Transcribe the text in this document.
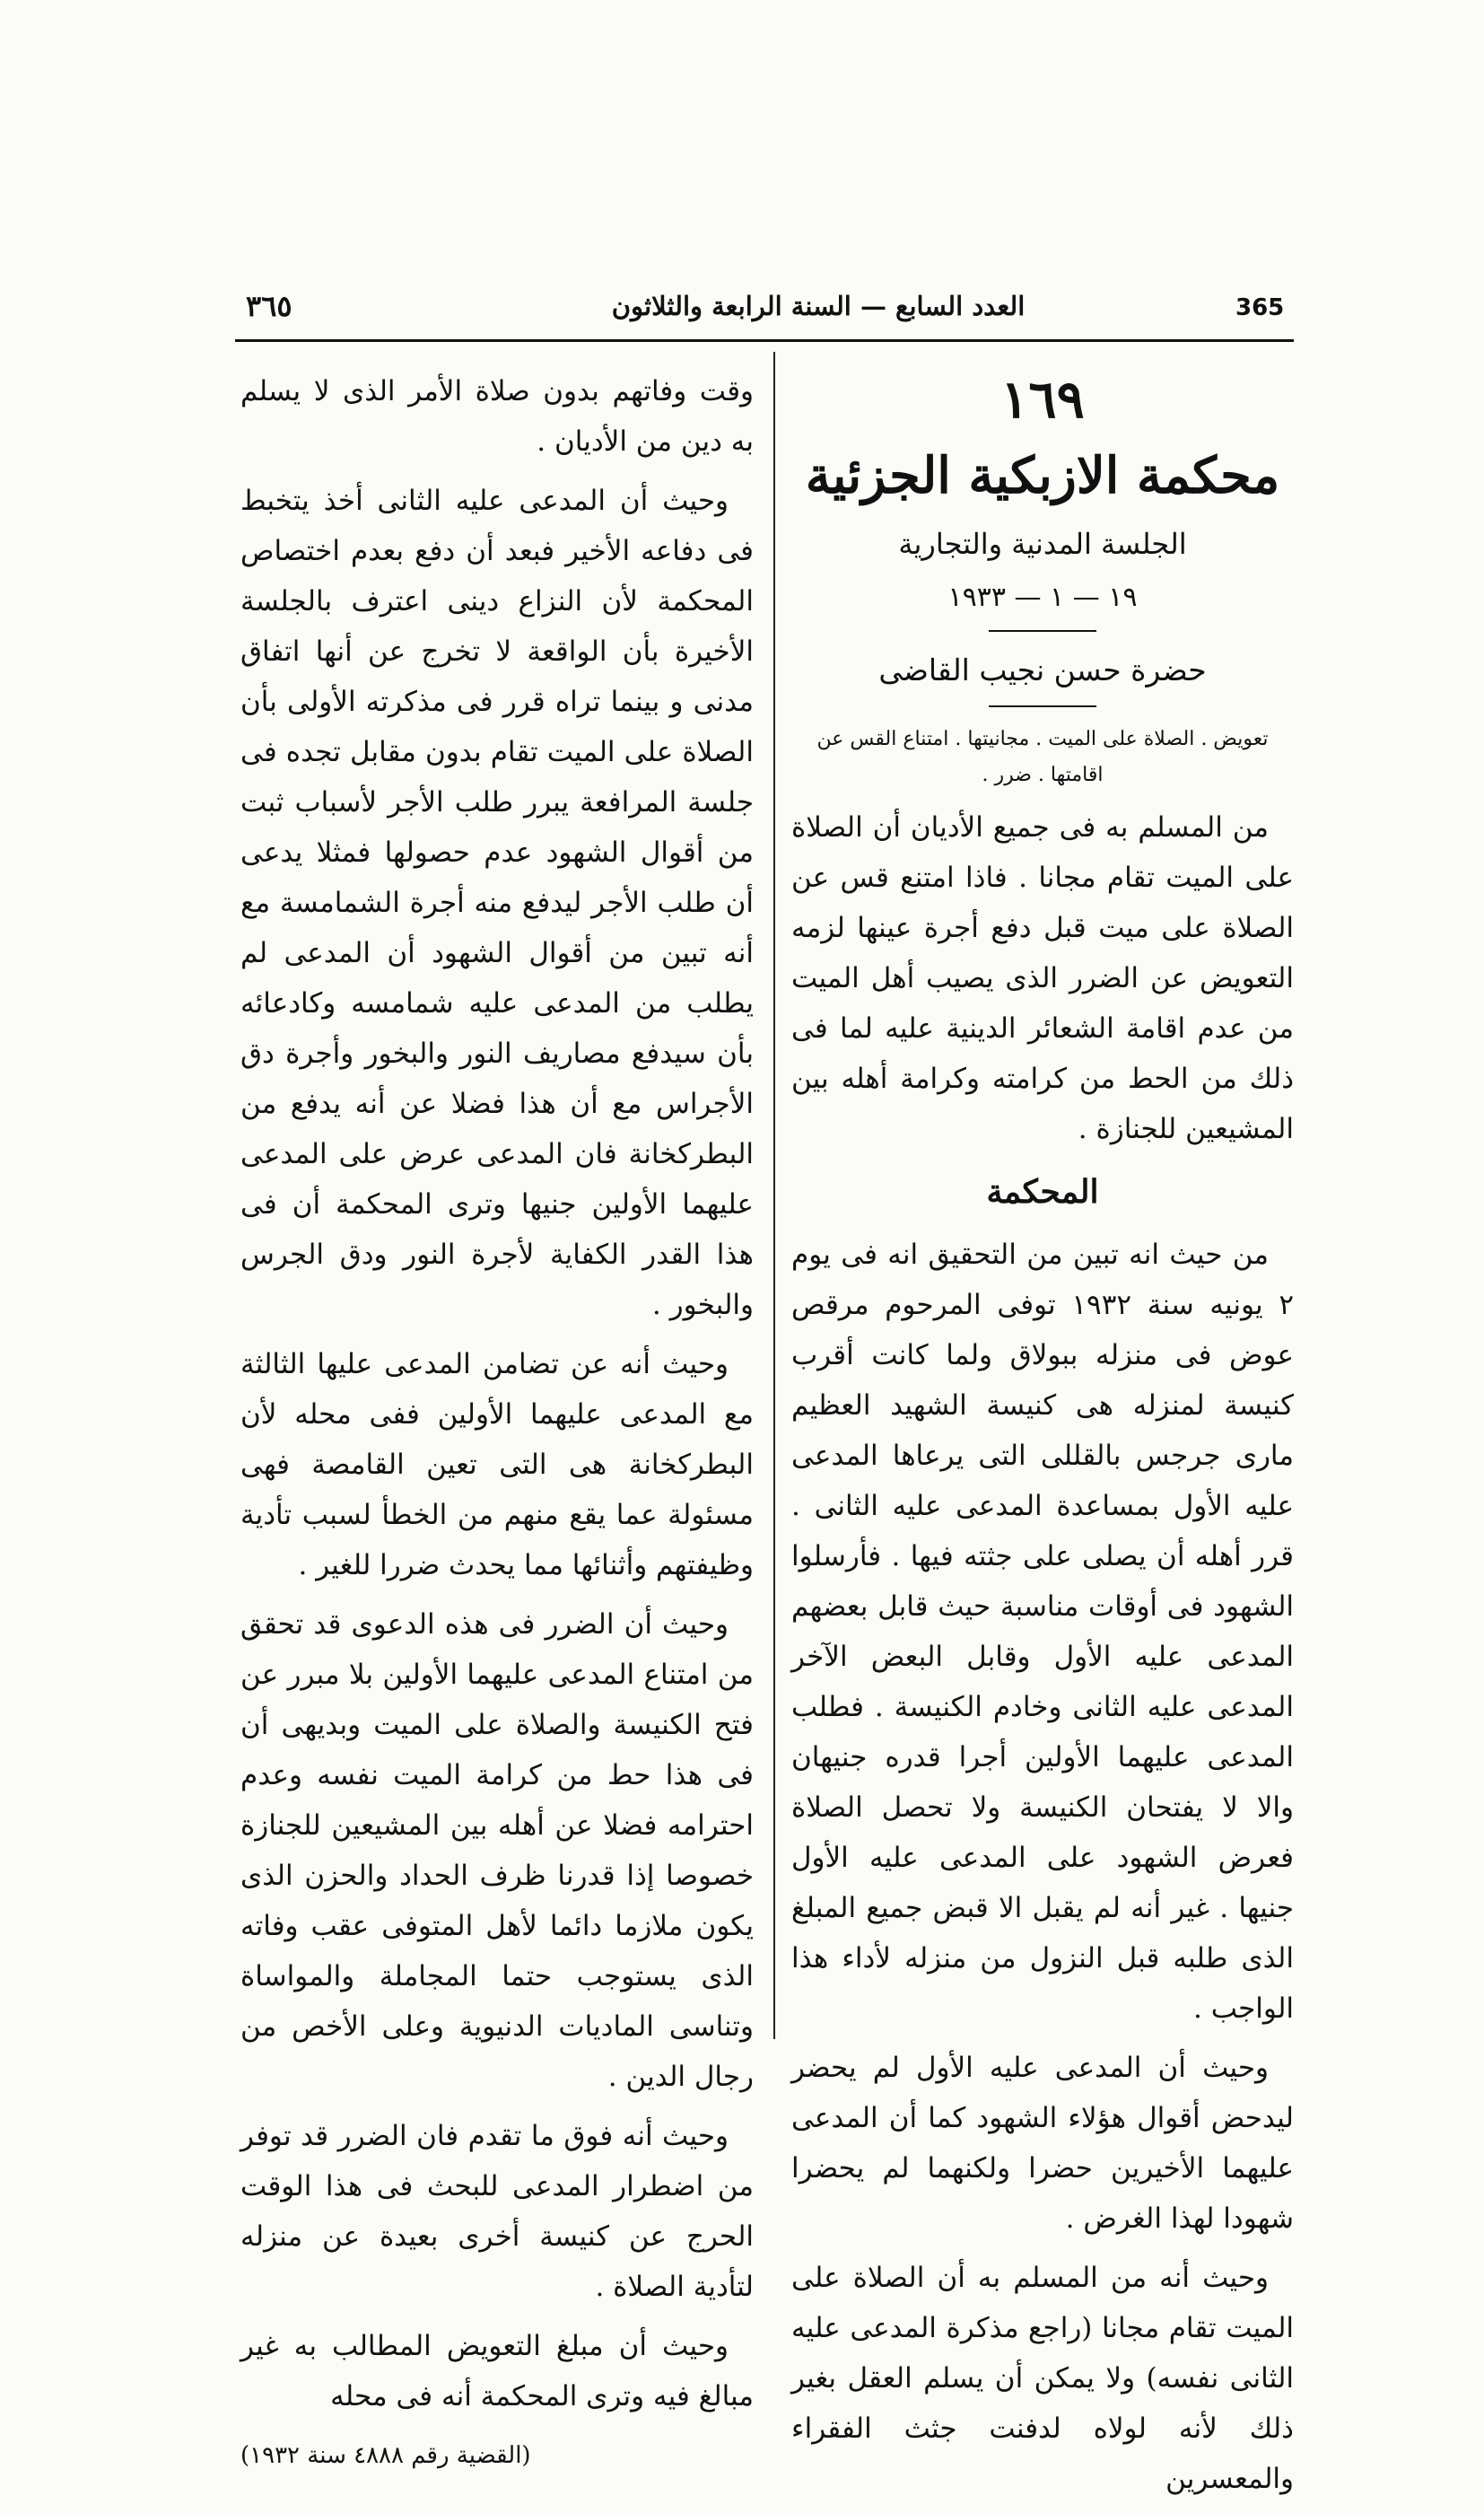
365
العدد السابع — السنة الرابعة والثلاثون
٣٦٥

١٦٩

محكمة الازبكية الجزئية

الجلسة المدنية والتجارية

١٩ — ١ — ١٩٣٣

حضرة حسن نجيب القاضى

تعويض . الصلاة على الميت . مجانيتها . امتناع القس عن اقامتها . ضرر .

من المسلم به فى جميع الأديان أن الصلاة على الميت تقام مجانا . فاذا امتنع قس عن الصلاة على ميت قبل دفع أجرة عينها لزمه التعويض عن الضرر الذى يصيب أهل الميت من عدم اقامة الشعائر الدينية عليه لما فى ذلك من الحط من كرامته وكرامة أهله بين المشيعين للجنازة .

المحكمة

من حيث انه تبين من التحقيق انه فى يوم ٢ يونيه سنة ١٩٣٢ توفى المرحوم مرقص عوض فى منزله ببولاق ولما كانت أقرب كنيسة لمنزله هى كنيسة الشهيد العظيم مارى جرجس بالقللى التى يرعاها المدعى عليه الأول بمساعدة المدعى عليه الثانى . قرر أهله أن يصلى على جثته فيها . فأرسلوا الشهود فى أوقات مناسبة حيث قابل بعضهم المدعى عليه الأول وقابل البعض الآخر المدعى عليه الثانى وخادم الكنيسة . فطلب المدعى عليهما الأولين أجرا قدره جنيهان والا لا يفتحان الكنيسة ولا تحصل الصلاة فعرض الشهود على المدعى عليه الأول جنيها . غير أنه لم يقبل الا قبض جميع المبلغ الذى طلبه قبل النزول من منزله لأداء هذا الواجب .

وحيث أن المدعى عليه الأول لم يحضر ليدحض أقوال هؤلاء الشهود كما أن المدعى عليهما الأخيرين حضرا ولكنهما لم يحضرا شهودا لهذا الغرض .

وحيث أنه من المسلم به أن الصلاة على الميت تقام مجانا (راجع مذكرة المدعى عليه الثانى نفسه) ولا يمكن أن يسلم العقل بغير ذلك لأنه لولاه لدفنت جثث الفقراء والمعسرين

وقت وفاتهم بدون صلاة الأمر الذى لا يسلم به دين من الأديان .

وحيث أن المدعى عليه الثانى أخذ يتخبط فى دفاعه الأخير فبعد أن دفع بعدم اختصاص المحكمة لأن النزاع دينى اعترف بالجلسة الأخيرة بأن الواقعة لا تخرج عن أنها اتفاق مدنى و بينما تراه قرر فى مذكرته الأولى بأن الصلاة على الميت تقام بدون مقابل تجده فى جلسة المرافعة يبرر طلب الأجر لأسباب ثبت من أقوال الشهود عدم حصولها فمثلا يدعى أن طلب الأجر ليدفع منه أجرة الشمامسة مع أنه تبين من أقوال الشهود أن المدعى لم يطلب من المدعى عليه شمامسه وكادعائه بأن سيدفع مصاريف النور والبخور وأجرة دق الأجراس مع أن هذا فضلا عن أنه يدفع من البطركخانة فان المدعى عرض على المدعى عليهما الأولين جنيها وترى المحكمة أن فى هذا القدر الكفاية لأجرة النور ودق الجرس والبخور .

وحيث أنه عن تضامن المدعى عليها الثالثة مع المدعى عليهما الأولين ففى محله لأن البطركخانة هى التى تعين القامصة فهى مسئولة عما يقع منهم من الخطأ لسبب تأدية وظيفتهم وأثنائها مما يحدث ضررا للغير .

وحيث أن الضرر فى هذه الدعوى قد تحقق من امتناع المدعى عليهما الأولين بلا مبرر عن فتح الكنيسة والصلاة على الميت وبديهى أن فى هذا حط من كرامة الميت نفسه وعدم احترامه فضلا عن أهله بين المشيعين للجنازة خصوصا إذا قدرنا ظرف الحداد والحزن الذى يكون ملازما دائما لأهل المتوفى عقب وفاته الذى يستوجب حتما المجاملة والمواساة وتناسى الماديات الدنيوية وعلى الأخص من رجال الدين .

وحيث أنه فوق ما تقدم فان الضرر قد توفر من اضطرار المدعى للبحث فى هذا الوقت الحرج عن كنيسة أخرى بعيدة عن منزله لتأدية الصلاة .

وحيث أن مبلغ التعويض المطالب به غير مبالغ فيه وترى المحكمة أنه فى محله

(القضية رقم ٤٨٨٨ سنة ١٩٣٢)
